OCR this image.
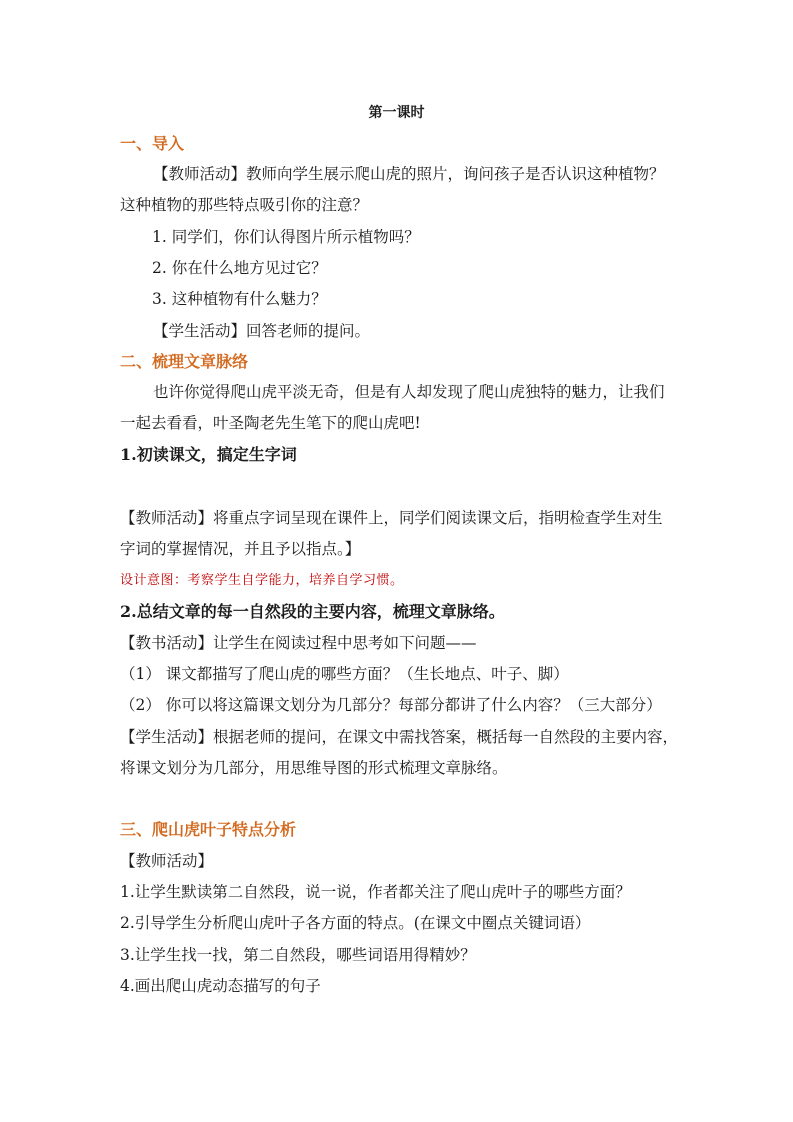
第一课时
一、导入
【教师活动】教师向学生展示爬山虎的照片，询问孩子是否认识这种植物？
这种植物的那些特点吸引你的注意？
1. 同学们，你们认得图片所示植物吗？
2. 你在什么地方见过它？
3. 这种植物有什么魅力？
【学生活动】回答老师的提问。
二、梳理文章脉络
也许你觉得爬山虎平淡无奇，但是有人却发现了爬山虎独特的魅力，让我们
一起去看看，叶圣陶老先生笔下的爬山虎吧!
1.初读课文，搞定生字词
【教师活动】将重点字词呈现在课件上，同学们阅读课文后，指明检查学生对生
字词的掌握情况，并且予以指点。】
设计意图：考察学生自学能力，培养自学习惯。
2.总结文章的每一自然段的主要内容，梳理文章脉络。
【教书活动】让学生在阅读过程中思考如下问题——
（1） 课文都描写了爬山虎的哪些方面？（生长地点、叶子、脚）
（2） 你可以将这篇课文划分为几部分？每部分都讲了什么内容？（三大部分）
【学生活动】根据老师的提问，在课文中需找答案，概括每一自然段的主要内容，
将课文划分为几部分，用思维导图的形式梳理文章脉络。
三、爬山虎叶子特点分析
【教师活动】
1.让学生默读第二自然段，说一说，作者都关注了爬山虎叶子的哪些方面？
2.引导学生分析爬山虎叶子各方面的特点。(在课文中圈点关键词语）
3.让学生找一找，第二自然段，哪些词语用得精妙？
4.画出爬山虎动态描写的句子
